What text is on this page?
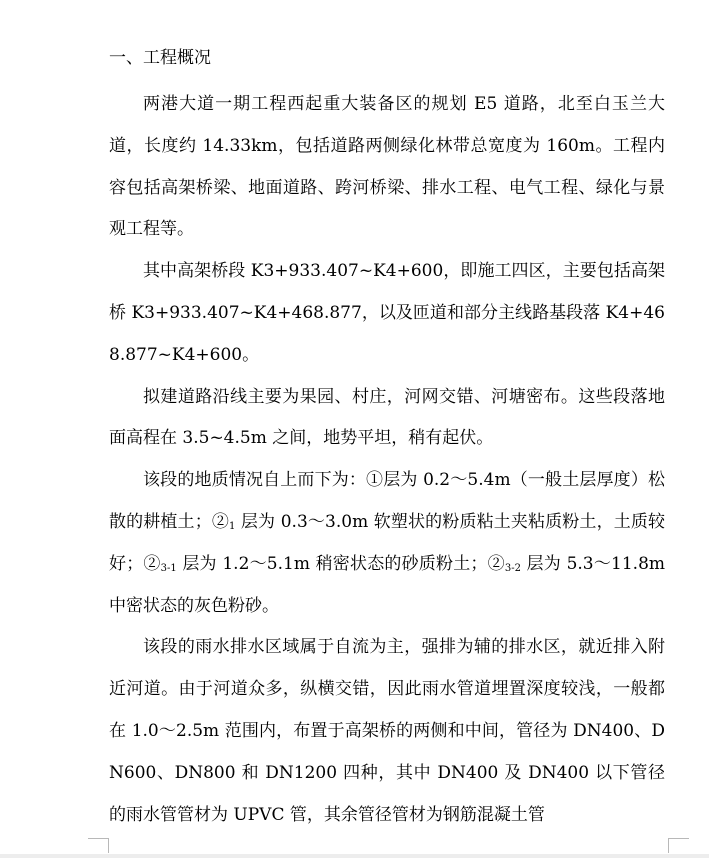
一、工程概况

两港大道一期工程西起重大装备区的规划 E5 道路，北至白玉兰大道，长度约 14.33km，包括道路两侧绿化林带总宽度为 160m。工程内容包括高架桥梁、地面道路、跨河桥梁、排水工程、电气工程、绿化与景观工程等。

其中高架桥段 K3+933.407~K4+600，即施工四区，主要包括高架桥 K3+933.407~K4+468.877，以及匝道和部分主线路基段落 K4+468.877~K4+600。

拟建道路沿线主要为果园、村庄，河网交错、河塘密布。这些段落地面高程在 3.5~4.5m 之间，地势平坦，稍有起伏。

该段的地质情况自上而下为：①层为 0.2～5.4m（一般土层厚度）松散的耕植土；$②_1$ 层为 0.3～3.0m 软塑状的粉质粘土夹粘质粉土，土质较好；$②_{3-1}$ 层为 1.2～5.1m 稍密状态的砂质粉土；$②_{3-2}$ 层为 5.3～11.8m 中密状态的灰色粉砂。

该段的雨水排水区域属于自流为主，强排为辅的排水区，就近排入附近河道。由于河道众多，纵横交错，因此雨水管道埋置深度较浅，一般都在 1.0～2.5m 范围内，布置于高架桥的两侧和中间，管径为 DN400、DN600、DN800 和 DN1200 四种，其中 DN400 及 DN400 以下管径的雨水管管材为 UPVC 管，其余管径管材为钢筋混凝土管
